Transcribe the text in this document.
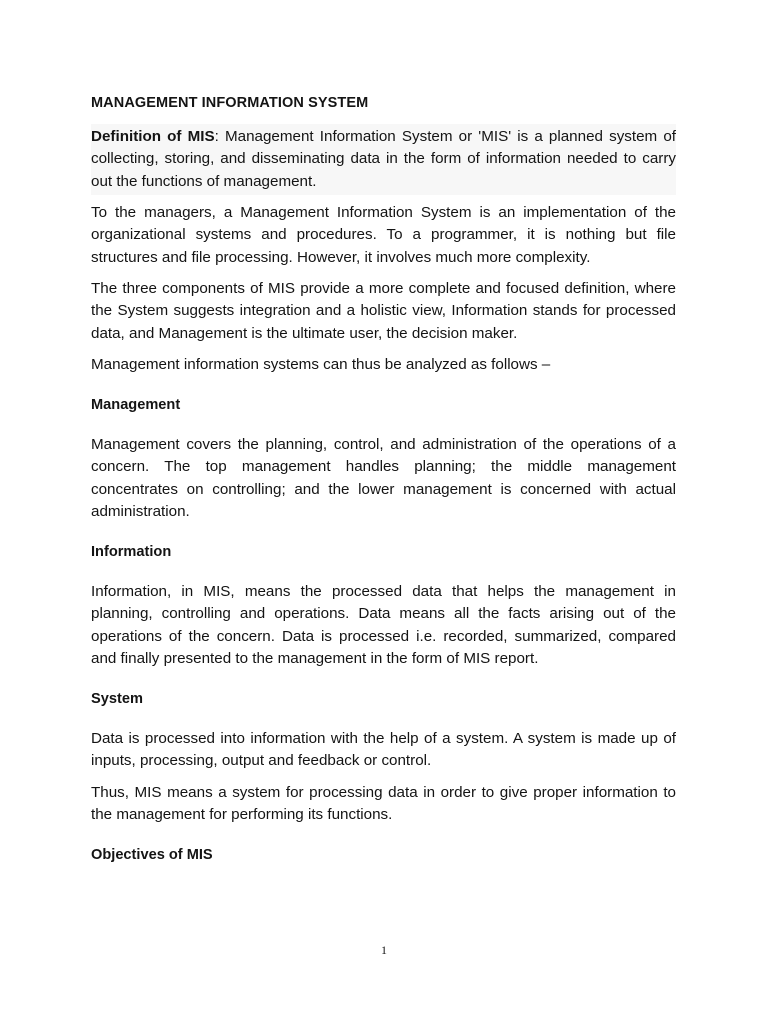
MANAGEMENT INFORMATION SYSTEM
Definition of MIS: Management Information System or 'MIS' is a planned system of collecting, storing, and disseminating data in the form of information needed to carry out the functions of management.
To the managers, a Management Information System is an implementation of the organizational systems and procedures. To a programmer, it is nothing but file structures and file processing. However, it involves much more complexity.
The three components of MIS provide a more complete and focused definition, where the System suggests integration and a holistic view, Information stands for processed data, and Management is the ultimate user, the decision maker.
Management information systems can thus be analyzed as follows –
Management
Management covers the planning, control, and administration of the operations of a concern. The top management handles planning; the middle management concentrates on controlling; and the lower management is concerned with actual administration.
Information
Information, in MIS, means the processed data that helps the management in planning, controlling and operations. Data means all the facts arising out of the operations of the concern. Data is processed i.e. recorded, summarized, compared and finally presented to the management in the form of MIS report.
System
Data is processed into information with the help of a system. A system is made up of inputs, processing, output and feedback or control.
Thus, MIS means a system for processing data in order to give proper information to the management for performing its functions.
Objectives of MIS
1
